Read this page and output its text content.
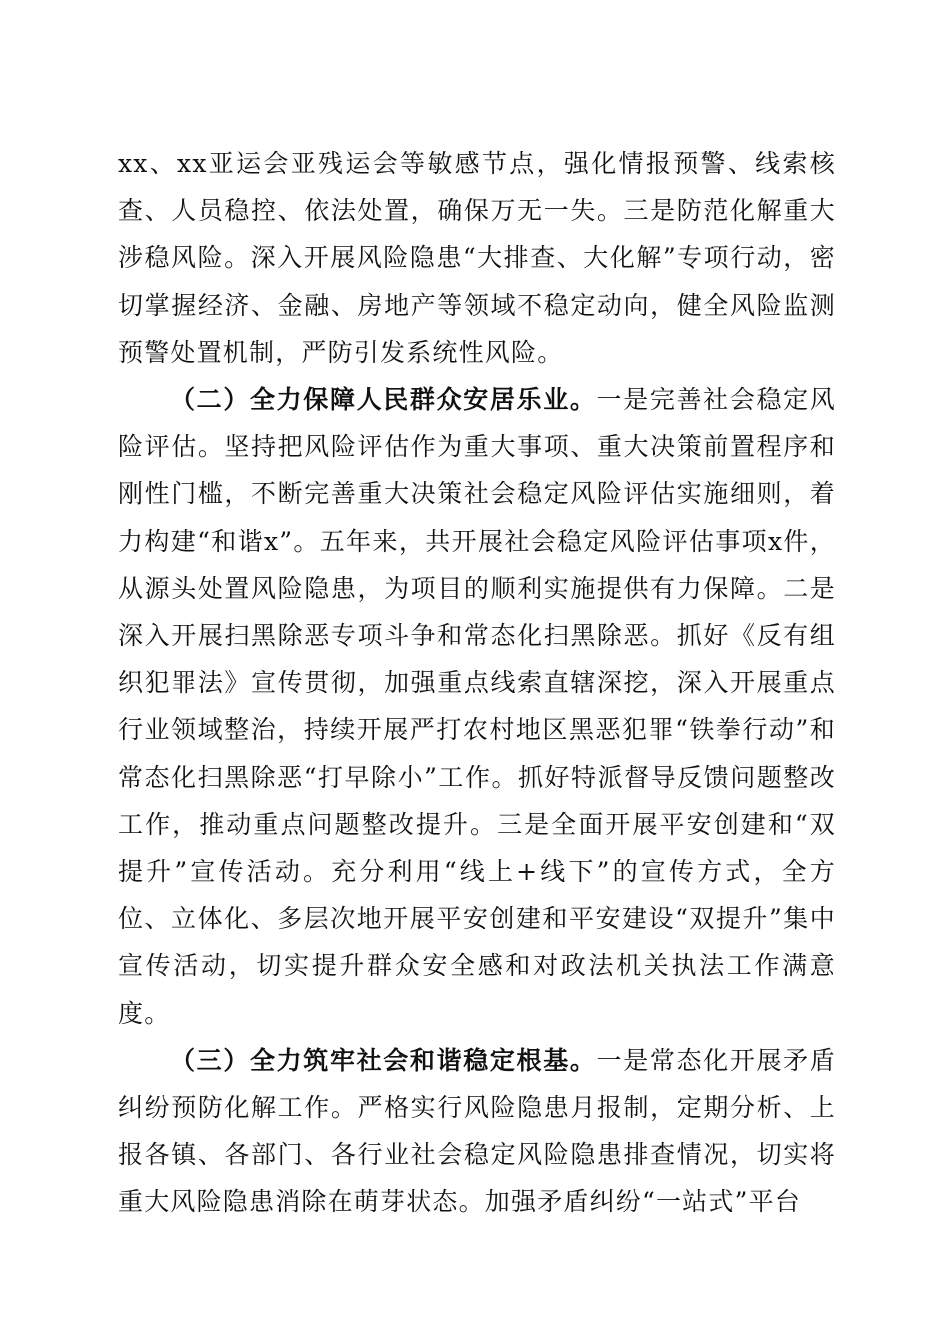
xx、xx亚运会亚残运会等敏感节点，强化情报预警、线索核查、人员稳控、依法处置，确保万无一失。三是防范化解重大涉稳风险。深入开展风险隐患“大排查、大化解”专项行动，密切掌握经济、金融、房地产等领域不稳定动向，健全风险监测预警处置机制，严防引发系统性风险。

（二）全力保障人民群众安居乐业。一是完善社会稳定风险评估。坚持把风险评估作为重大事项、重大决策前置程序和刚性门槛，不断完善重大决策社会稳定风险评估实施细则，着力构建“和谐x”。五年来，共开展社会稳定风险评估事项x件，从源头处置风险隐患，为项目的顺利实施提供有力保障。二是深入开展扫黑除恶专项斗争和常态化扫黑除恶。抓好《反有组织犯罪法》宣传贯彻，加强重点线索直辖深挖，深入开展重点行业领域整治，持续开展严打农村地区黑恶犯罪“铁拳行动”和常态化扫黑除恶“打早除小”工作。抓好特派督导反馈问题整改工作，推动重点问题整改提升。三是全面开展平安创建和“双提升”宣传活动。充分利用“线上+线下”的宣传方式，全方位、立体化、多层次地开展平安创建和平安建设“双提升”集中宣传活动，切实提升群众安全感和对政法机关执法工作满意度。

（三）全力筑牢社会和谐稳定根基。一是常态化开展矛盾纠纷预防化解工作。严格实行风险隐患月报制，定期分析、上报各镇、各部门、各行业社会稳定风险隐患排查情况，切实将重大风险隐患消除在萌芽状态。加强矛盾纠纷“一站式”平台
